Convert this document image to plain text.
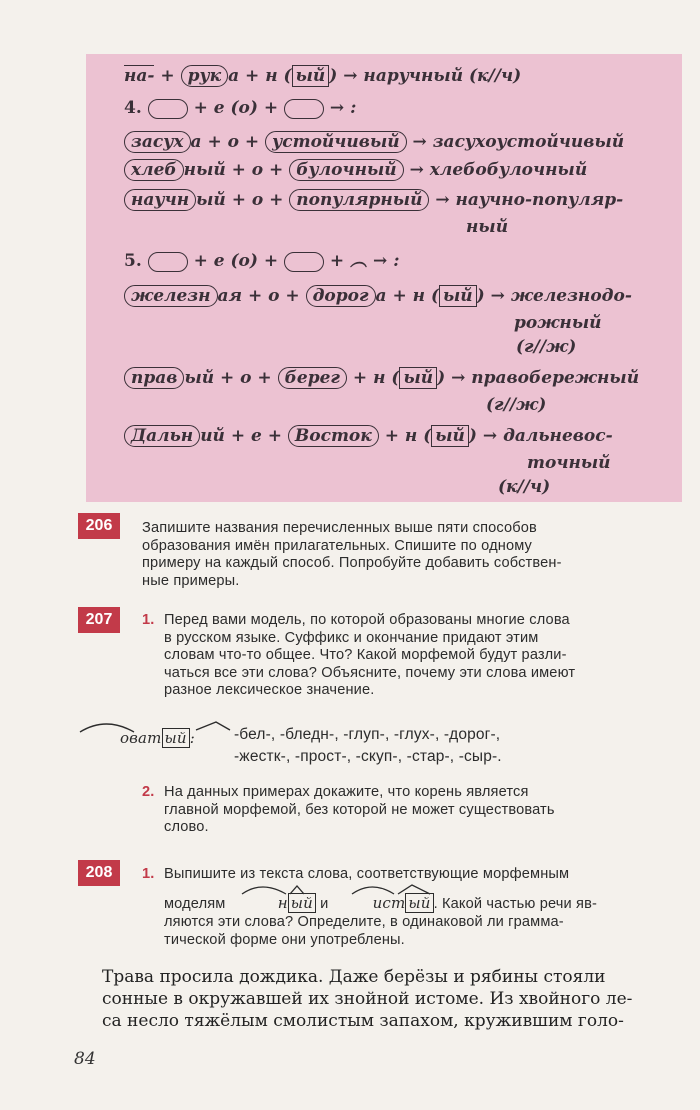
на- + рук а + н ( ый ) → наручный (к//ч)
4.	+ е (о) +	→ :
засух а + о + устойчивый → засухоустойчивый
хлеб ный + о + булочный → хлебобулочный
научн ый + о + популярный → научно-популяр-
ный
5.	+ е (о) +	+ ︵ → :
железн ая + о + дорог а + н ( ый ) → железнодо-
рожный
(г//ж)
прав ый + о + берег + н ( ый ) → правобережный
(г//ж)
Дальн ий + е + Восток + н ( ый ) → дальневос-
точный
(к//ч)
206	Запишите названия перечисленных выше пяти способов
образования имён прилагательных. Спишите по одному
примеру на каждый способ. Попробуйте добавить собствен-
ные примеры.
207	1. Перед вами модель, по которой образованы многие слова
в русском языке. Суффикс и окончание придают этим
словам что-то общее. Что? Какой морфемой будут разли-
чаться все эти слова? Объясните, почему эти слова имеют
разное лексическое значение.
оват ый :	-бел-, -бледн-, -глуп-, -глух-, -дорог-,
-жестк-, -прост-, -скуп-, -стар-, -сыр-.
2. На данных примерах докажите, что корень является
главной морфемой, без которой не может существовать
слово.
208	1. Выпишите из текста слова, соответствующие морфемным
моделям	н ый и	ист ый . Какой частью речи яв-
ляются эти слова? Определите, в одинаковой ли грамма-
тической форме они употреблены.
Трава просила дождика. Даже берёзы и рябины стояли
сонные в окружавшей их знойной истоме. Из хвойного ле-
са несло тяжёлым смолистым запахом, кружившим голо-
84
